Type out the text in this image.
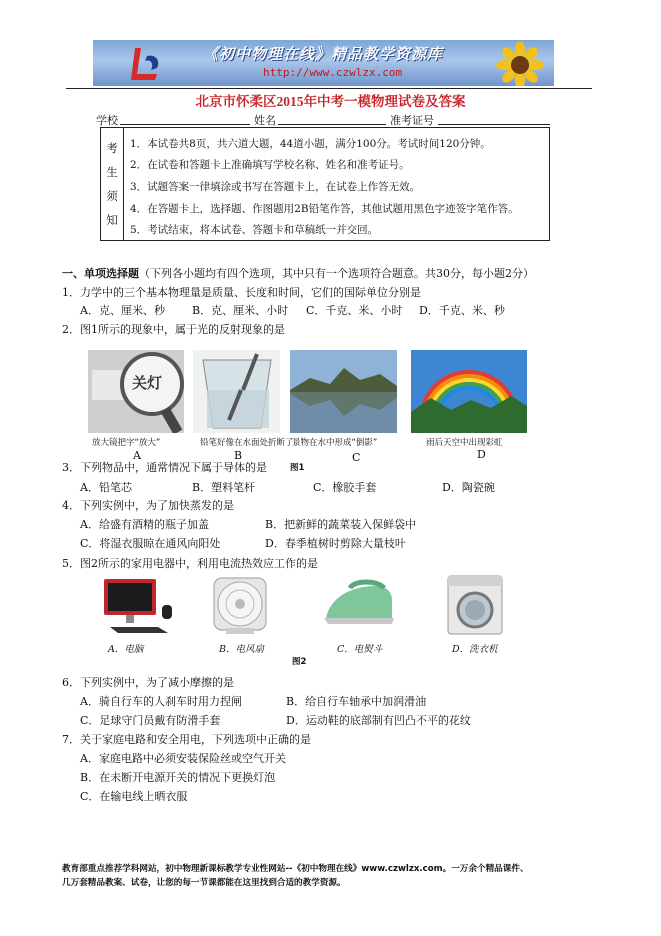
《初中物理在线》精品教学资源库
http://www.czwlzx.com
北京市怀柔区2015年中考一模物理试卷及答案
学校	姓名	准考证号
考
生
须
知
1．本试卷共8页，共六道大题，44道小题，满分100分。考试时间120分钟。
2．在试卷和答题卡上准确填写学校名称、姓名和准考证号。
3．试题答案一律填涂或书写在答题卡上，在试卷上作答无效。
4．在答题卡上，选择题、作图题用2B铅笔作答，其他试题用黑色字迹签字笔作答。
5．考试结束，将本试卷、答题卡和草稿纸一并交回。
一、单项选择题（下列各小题均有四个选项，其中只有一个选项符合题意。共30分，每小题2分）
1．力学中的三个基本物理量是质量、长度和时间，它们的国际单位分别是
A．克、厘米、秒 B．克、厘米、小时 C．千克、米、小时 D．千克、米、秒
2．图1所示的现象中，属于光的反射现象的是
关灯
放大镜把字“放大”	铅笔好像在水面处折断了
景物在水中形成“倒影”	雨后天空中出现彩虹
A	B	C	D
图1
3．下列物品中，通常情况下属于导体的是
A．铅笔芯	B．塑料笔杆	C．橡胶手套	D．陶瓷碗
4．下列实例中，为了加快蒸发的是
A．给盛有酒精的瓶子加盖	B．把新鲜的蔬菜装入保鲜袋中
C．将湿衣服晾在通风向阳处	D．春季植树时剪除大量枝叶
5．图2所示的家用电器中，利用电流热效应工作的是
A．电脑	B．电风扇	C．电熨斗	D．洗衣机
图2
6．下列实例中，为了减小摩擦的是
A．骑自行车的人刹车时用力捏闸	B．给自行车轴承中加润滑油
C．足球守门员戴有防滑手套	D．运动鞋的底部制有凹凸不平的花纹
7．关于家庭电路和安全用电，下列选项中正确的是
A．家庭电路中必须安装保险丝或空气开关
B．在未断开电源开关的情况下更换灯泡
C．在输电线上晒衣服
教育部重点推荐学科网站，初中物理新课标教学专业性网站--《初中物理在线》www.czwlzx.com。一万余个精品课件、
几万套精品教案、试卷，让您的每一节课都能在这里找到合适的教学资源。
